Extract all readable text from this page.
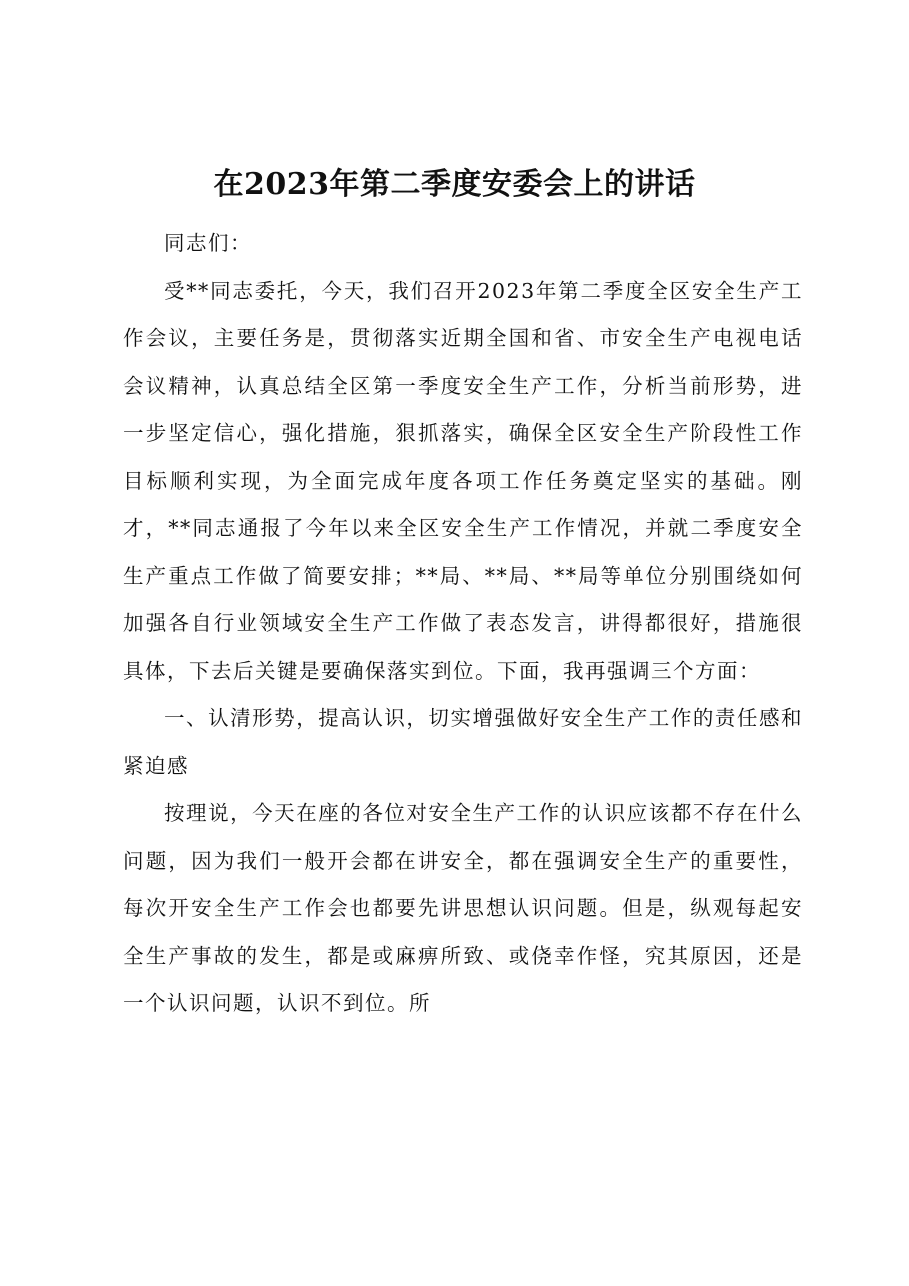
在2023年第二季度安委会上的讲话

同志们：

受**同志委托，今天，我们召开2023年第二季度全区安全生产工作会议，主要任务是，贯彻落实近期全国和省、市安全生产电视电话会议精神，认真总结全区第一季度安全生产工作，分析当前形势，进一步坚定信心，强化措施，狠抓落实，确保全区安全生产阶段性工作目标顺利实现，为全面完成年度各项工作任务奠定坚实的基础。刚才，**同志通报了今年以来全区安全生产工作情况，并就二季度安全生产重点工作做了简要安排；**局、**局、**局等单位分别围绕如何加强各自行业领域安全生产工作做了表态发言，讲得都很好，措施很具体，下去后关键是要确保落实到位。下面，我再强调三个方面：

一、认清形势，提高认识，切实增强做好安全生产工作的责任感和紧迫感

按理说，今天在座的各位对安全生产工作的认识应该都不存在什么问题，因为我们一般开会都在讲安全，都在强调安全生产的重要性，每次开安全生产工作会也都要先讲思想认识问题。但是，纵观每起安全生产事故的发生，都是或麻痹所致、或侥幸作怪，究其原因，还是一个认识问题，认识不到位。所
